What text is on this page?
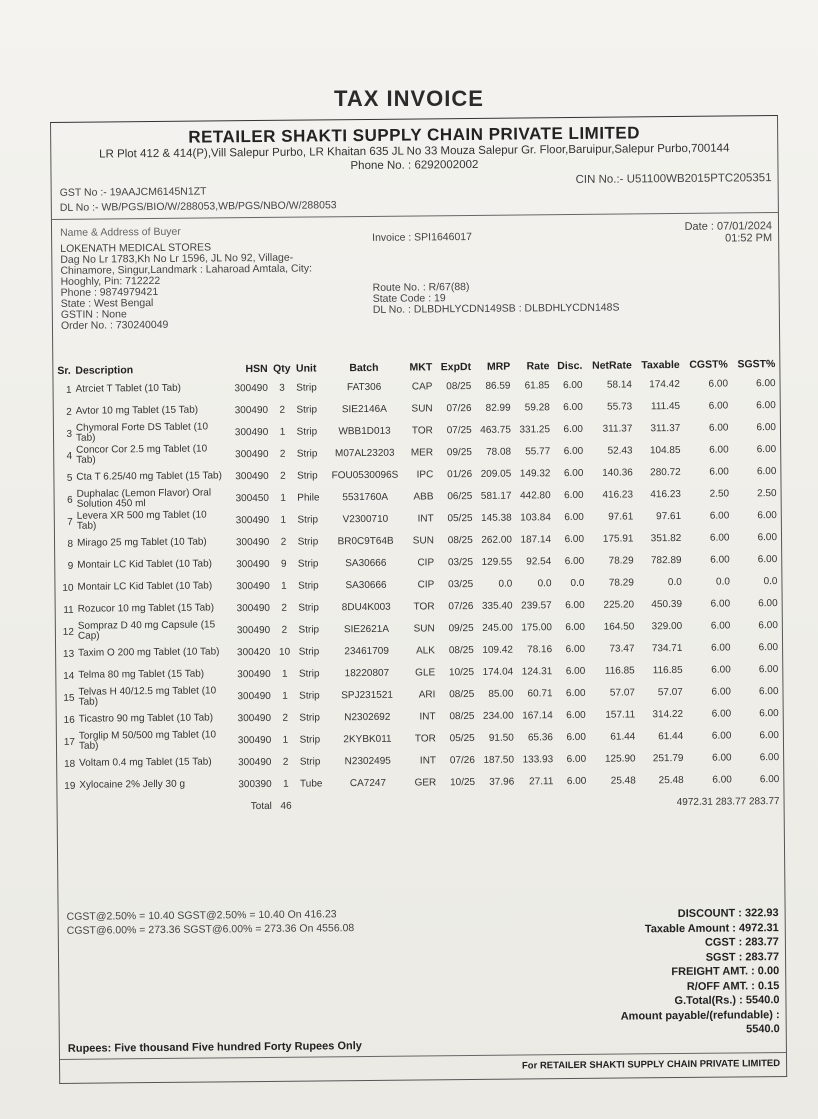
TAX INVOICE
RETAILER SHAKTI SUPPLY CHAIN PRIVATE LIMITED
LR Plot 412 & 414(P),Vill Salepur Purbo, LR Khaitan 635 JL No 33 Mouza Salepur Gr. Floor,Baruipur,Salepur Purbo,700144
Phone No. : 6292002002
GST No :- 19AAJCM6145N1ZT
DL No :- WB/PGS/BIO/W/288053,WB/PGS/NBO/W/288053
CIN No.:- U51100WB2015PTC205351
Name & Address of Buyer
LOKENATH MEDICAL STORES
Dag No Lr 1783,Kh No Lr 1596, JL No 92, Village-
Chinamore, Singur,Landmark : Laharoad Amtala, City:
Hooghly, Pin: 712222
Phone : 9874979421
State : West Bengal
GSTIN : None
Order No. : 730240049
Invoice : SPI1646017
Date : 07/01/2024
01:52 PM
Route No. : R/67(88)
State Code : 19
DL No. : DLBDHLYCDN149SB : DLBDHLYCDN148S
Sr.	Description	HSN	Qty	Unit	Batch	MKT	ExpDt	MRP	Rate	Disc.	NetRate	Taxable	CGST%	SGST%
1	Atrciet T Tablet (10 Tab)	300490	3	Strip	FAT306	CAP	08/25	86.59	61.85	6.00	58.14	174.42	6.00	6.00
2	Avtor 10 mg Tablet (15 Tab)	300490	2	Strip	SIE2146A	SUN	07/26	82.99	59.28	6.00	55.73	111.45	6.00	6.00
3	Chymoral Forte DS Tablet (10 Tab)	300490	1	Strip	WBB1D013	TOR	07/25	463.75	331.25	6.00	311.37	311.37	6.00	6.00
4	Concor Cor 2.5 mg Tablet (10 Tab)	300490	2	Strip	M07AL23203	MER	09/25	78.08	55.77	6.00	52.43	104.85	6.00	6.00
5	Cta T 6.25/40 mg Tablet (15 Tab)	300490	2	Strip	FOU0530096S	IPC	01/26	209.05	149.32	6.00	140.36	280.72	6.00	6.00
6	Duphalac (Lemon Flavor) Oral Solution 450 ml	300450	1	Phile	5531760A	ABB	06/25	581.17	442.80	6.00	416.23	416.23	2.50	2.50
7	Levera XR 500 mg Tablet (10 Tab)	300490	1	Strip	V2300710	INT	05/25	145.38	103.84	6.00	97.61	97.61	6.00	6.00
8	Mirago 25 mg Tablet (10 Tab)	300490	2	Strip	BR0C9T64B	SUN	08/25	262.00	187.14	6.00	175.91	351.82	6.00	6.00
9	Montair LC Kid Tablet (10 Tab)	300490	9	Strip	SA30666	CIP	03/25	129.55	92.54	6.00	78.29	782.89	6.00	6.00
10	Montair LC Kid Tablet (10 Tab)	300490	1	Strip	SA30666	CIP	03/25	0.0	0.0	0.0	78.29	0.0	0.0	0.0
11	Rozucor 10 mg Tablet (15 Tab)	300490	2	Strip	8DU4K003	TOR	07/26	335.40	239.57	6.00	225.20	450.39	6.00	6.00
12	Sompraz D 40 mg Capsule (15 Cap)	300490	2	Strip	SIE2621A	SUN	09/25	245.00	175.00	6.00	164.50	329.00	6.00	6.00
13	Taxim O 200 mg Tablet (10 Tab)	300420	10	Strip	23461709	ALK	08/25	109.42	78.16	6.00	73.47	734.71	6.00	6.00
14	Telma 80 mg Tablet (15 Tab)	300490	1	Strip	18220807	GLE	10/25	174.04	124.31	6.00	116.85	116.85	6.00	6.00
15	Telvas H 40/12.5 mg Tablet (10 Tab)	300490	1	Strip	SPJ231521	ARI	08/25	85.00	60.71	6.00	57.07	57.07	6.00	6.00
16	Ticastro 90 mg Tablet (10 Tab)	300490	2	Strip	N2302692	INT	08/25	234.00	167.14	6.00	157.11	314.22	6.00	6.00
17	Torglip M 50/500 mg Tablet (10 Tab)	300490	1	Strip	2KYBK011	TOR	05/25	91.50	65.36	6.00	61.44	61.44	6.00	6.00
18	Voltam 0.4 mg Tablet (15 Tab)	300490	2	Strip	N2302495	INT	07/26	187.50	133.93	6.00	125.90	251.79	6.00	6.00
19	Xylocaine 2% Jelly 30 g	300390	1	Tube	CA7247	GER	10/25	37.96	27.11	6.00	25.48	25.48	6.00	6.00
		Total	46	4972.31 283.77 283.77										
CGST@2.50% = 10.40 SGST@2.50% = 10.40 On 416.23
CGST@6.00% = 273.36 SGST@6.00% = 273.36 On 4556.08
DISCOUNT : 322.93
Taxable Amount : 4972.31
CGST : 283.77
SGST : 283.77
FREIGHT AMT. : 0.00
R/OFF AMT. : 0.15
G.Total(Rs.) : 5540.0
Amount payable/(refundable) :
5540.0
Rupees: Five thousand Five hundred Forty Rupees Only
For RETAILER SHAKTI SUPPLY CHAIN PRIVATE LIMITED
